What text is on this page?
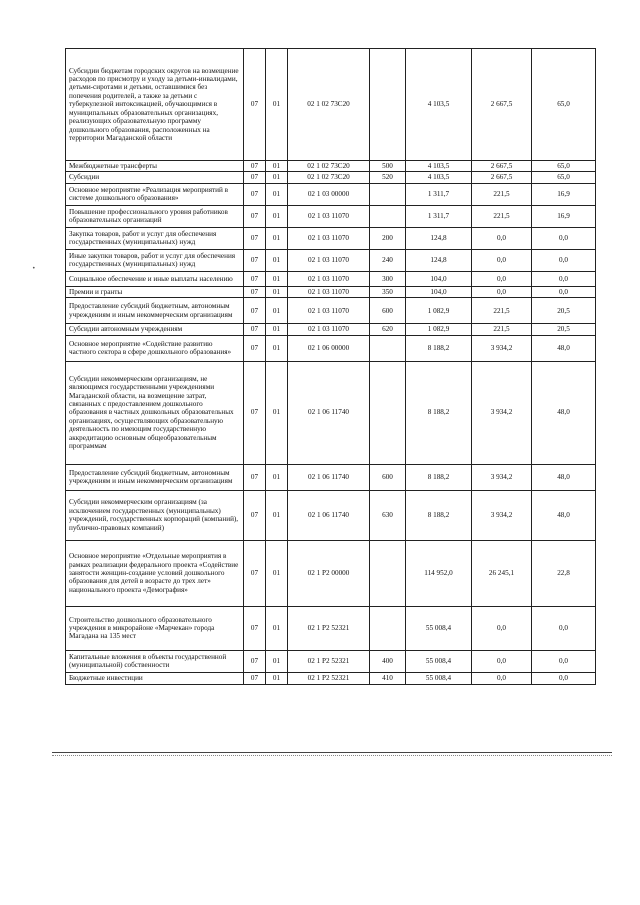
Субсидии бюджетам городских округов на возмещение расходов по присмотру и уходу за детьми-инвалидами, детьми-сиротами и детьми, оставшимися без попечения родителей, а также за детьми с туберкулезной интоксикацией, обучающимися в муниципальных образовательных организациях, реализующих образовательную программу дошкольного образования, расположенных на территории Магаданской области	07	01	02 1 02 73С20		4 103,5	2 667,5	65,0
Межбюджетные трансферты	07	01	02 1 02 73С20	500	4 103,5	2 667,5	65,0
Субсидии	07	01	02 1 02 73С20	520	4 103,5	2 667,5	65,0
Основное мероприятие «Реализация мероприятий в системе дошкольного образования»	07	01	02 1 03 00000		1 311,7	221,5	16,9
Повышение профессионального уровня работников образовательных организаций	07	01	02 1 03 11070		1 311,7	221,5	16,9
Закупка товаров, работ и услуг для обеспечения государственных (муниципальных) нужд	07	01	02 1 03 11070	200	124,8	0,0	0,0
Иные закупки товаров, работ и услуг для обеспечения государственных (муниципальных) нужд	07	01	02 1 03 11070	240	124,8	0,0	0,0
Социальное обеспечение и иные выплаты населению	07	01	02 1 03 11070	300	104,0	0,0	0,0
Премии и гранты	07	01	02 1 03 11070	350	104,0	0,0	0,0
Предоставление субсидий бюджетным, автономным учреждениям и иным некоммерческим организациям	07	01	02 1 03 11070	600	1 082,9	221,5	20,5
Субсидии автономным учреждениям	07	01	02 1 03 11070	620	1 082,9	221,5	20,5
Основное мероприятие «Содействие развитию частного сектора в сфере дошкольного образования»	07	01	02 1 06 00000		8 188,2	3 934,2	48,0
Субсидии некоммерческим организациям, не являющимся государственными учреждениями Магаданской области, на возмещение затрат, связанных с предоставлением дошкольного образования в частных дошкольных образовательных организациях, осуществляющих образовательную деятельность по имеющим государственную аккредитацию основным общеобразовательным программам	07	01	02 1 06 11740		8 188,2	3 934,2	48,0
Предоставление субсидий бюджетным, автономным учреждениям и иным некоммерческим организациям	07	01	02 1 06 11740	600	8 188,2	3 934,2	48,0
Субсидии некоммерческим организациям (за исключением государственных (муниципальных) учреждений, государственных корпораций (компаний), публично-правовых компаний)	07	01	02 1 06 11740	630	8 188,2	3 934,2	48,0
Основное мероприятие «Отдельные мероприятия в рамках реализации федерального проекта «Содействие занятости женщин-создание условий дошкольного образования для детей в возрасте до трех лет» национального проекта «Демография»	07	01	02 1 Р2 00000		114 952,0	26 245,1	22,8
Строительство дошкольного образовательного учреждения в микрорайоне «Марчекан» города Магадана на 135 мест	07	01	02 1 Р2 52321		55 008,4	0,0	0,0
Капитальные вложения в объекты государственной (муниципальной) собственности	07	01	02 1 Р2 52321	400	55 008,4	0,0	0,0
Бюджетные инвестиции	07	01	02 1 Р2 52321	410	55 008,4	0,0	0,0
•
